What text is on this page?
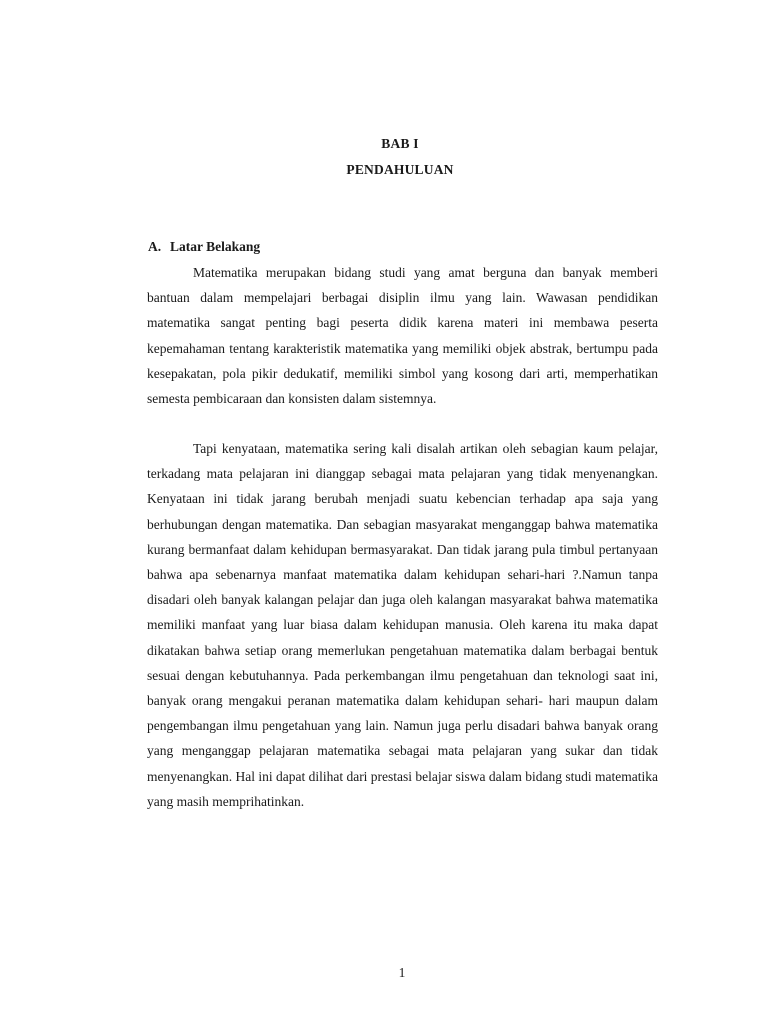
BAB I
PENDAHULUAN
A. Latar Belakang

Matematika merupakan bidang studi yang amat berguna dan banyak memberi bantuan dalam mempelajari berbagai disiplin ilmu yang lain. Wawasan pendidikan matematika sangat penting bagi peserta didik karena materi ini membawa peserta kepemahaman tentang karakteristik matematika yang memiliki objek abstrak, bertumpu pada kesepakatan, pola pikir dedukatif, memiliki simbol yang kosong dari arti, memperhatikan semesta pembicaraan dan konsisten dalam sistemnya.

Tapi kenyataan, matematika sering kali disalah artikan oleh sebagian kaum pelajar, terkadang mata pelajaran ini dianggap sebagai mata pelajaran yang tidak menyenangkan. Kenyataan ini tidak jarang berubah menjadi suatu kebencian terhadap apa saja yang berhubungan dengan matematika. Dan sebagian masyarakat menganggap bahwa matematika kurang bermanfaat dalam kehidupan bermasyarakat. Dan tidak jarang pula timbul pertanyaan bahwa apa sebenarnya manfaat matematika dalam kehidupan sehari-hari ?.Namun tanpa disadari oleh banyak kalangan pelajar dan juga oleh kalangan masyarakat bahwa matematika memiliki manfaat yang luar biasa dalam kehidupan manusia. Oleh karena itu maka dapat dikatakan bahwa setiap orang memerlukan pengetahuan matematika dalam berbagai bentuk sesuai dengan kebutuhannya. Pada perkembangan ilmu pengetahuan dan teknologi saat ini, banyak orang mengakui peranan matematika dalam kehidupan sehari- hari maupun dalam pengembangan ilmu pengetahuan yang lain. Namun juga perlu disadari bahwa banyak orang yang menganggap pelajaran matematika sebagai mata pelajaran yang sukar dan tidak menyenangkan. Hal ini dapat dilihat dari prestasi belajar siswa dalam bidang studi matematika yang masih memprihatinkan.

1
